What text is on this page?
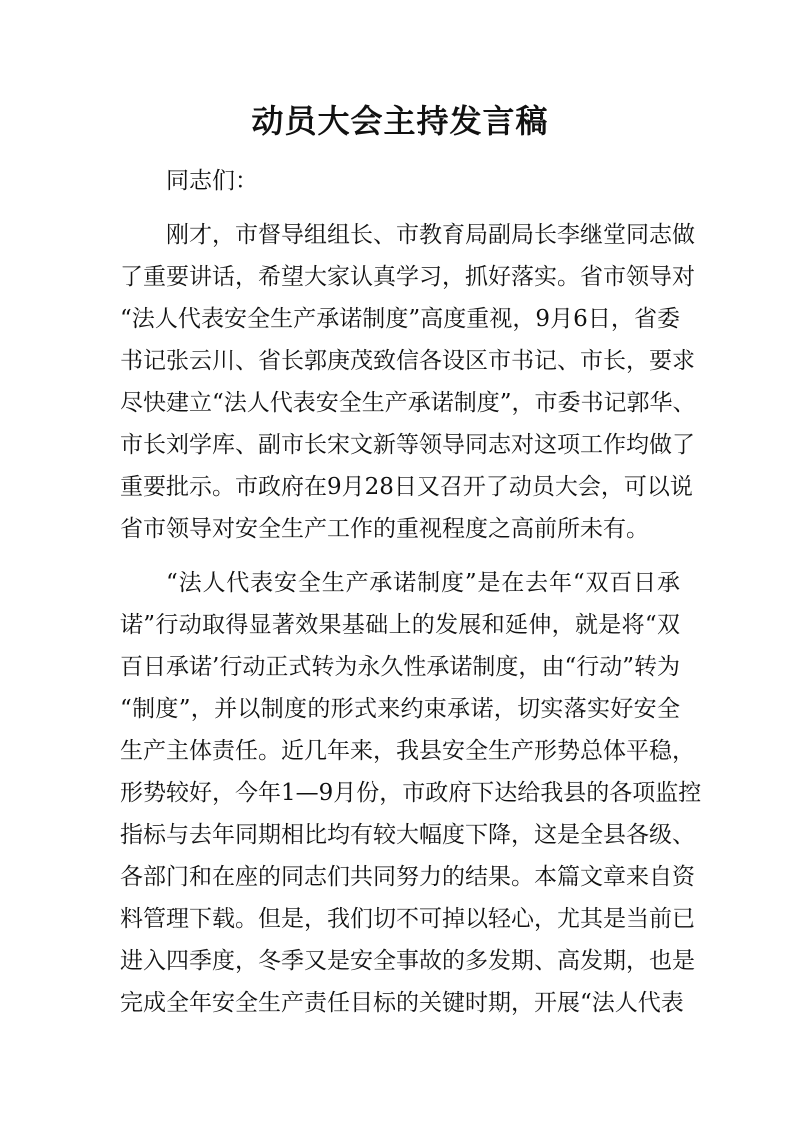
动员大会主持发言稿
同志们：
刚才，市督导组组长、市教育局副局长李继堂同志做
了重要讲话，希望大家认真学习，抓好落实。省市领导对
“法人代表安全生产承诺制度”高度重视，9月6日，省委
书记张云川、省长郭庚茂致信各设区市书记、市长，要求
尽快建立“法人代表安全生产承诺制度”，市委书记郭华、
市长刘学库、副市长宋文新等领导同志对这项工作均做了
重要批示。市政府在9月28日又召开了动员大会，可以说
省市领导对安全生产工作的重视程度之高前所未有。
“法人代表安全生产承诺制度”是在去年“双百日承
诺”行动取得显著效果基础上的发展和延伸，就是将“双
百日承诺’行动正式转为永久性承诺制度，由“行动”转为
“制度”，并以制度的形式来约束承诺，切实落实好安全
生产主体责任。近几年来，我县安全生产形势总体平稳，
形势较好，今年1—9月份，市政府下达给我县的各项监控
指标与去年同期相比均有较大幅度下降，这是全县各级、
各部门和在座的同志们共同努力的结果。本篇文章来自资
料管理下载。但是，我们切不可掉以轻心，尤其是当前已
进入四季度，冬季又是安全事故的多发期、高发期，也是
完成全年安全生产责任目标的关键时期，开展“法人代表
